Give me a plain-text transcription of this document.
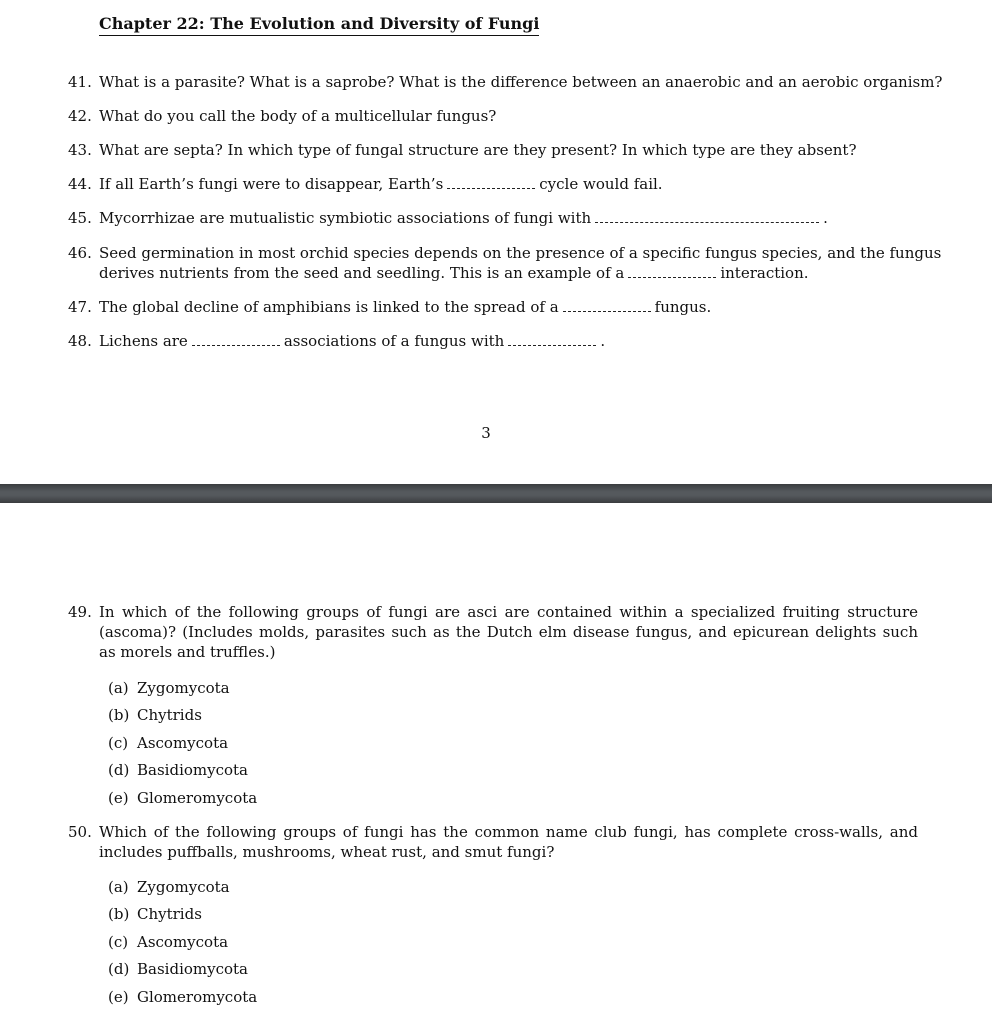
Chapter 22: The Evolution and Diversity of Fungi
41. What is a parasite? What is a saprobe? What is the difference between an anaerobic and an aerobic organism?
42. What do you call the body of a multicellular fungus?
43. What are septa? In which type of fungal structure are they present? In which type are they absent?
44. If all Earth’s fungi were to disappear, Earth’s	cycle would fail.
45. Mycorrhizae are mutualistic symbiotic associations of fungi with	.
46. Seed germination in most orchid species depends on the presence of a specific fungus species, and the fungus
derives nutrients from the seed and seedling. This is an example of a	interaction.
47. The global decline of amphibians is linked to the spread of a	fungus.
48. Lichens are	associations of a fungus with	.
3
49. In which of the following groups of fungi are asci are contained within a specialized fruiting structure (ascoma)? (Includes molds, parasites such as the Dutch elm disease fungus, and epicurean delights such as morels and truffles.)
(a) Zygomycota
(b) Chytrids
(c) Ascomycota
(d) Basidiomycota
(e) Glomeromycota
50. Which of the following groups of fungi has the common name club fungi, has complete cross-walls, and includes puffballs, mushrooms, wheat rust, and smut fungi?
(a) Zygomycota
(b) Chytrids
(c) Ascomycota
(d) Basidiomycota
(e) Glomeromycota
